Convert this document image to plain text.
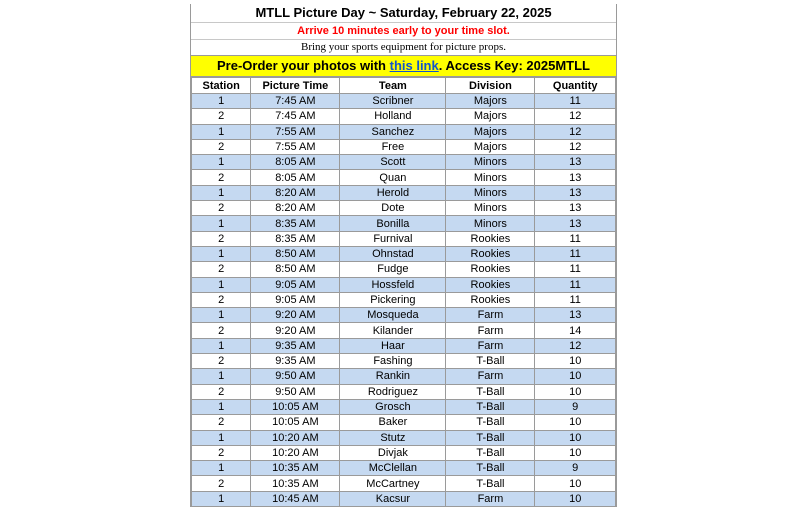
MTLL Picture Day ~ Saturday, February 22, 2025
Arrive 10 minutes early to your time slot.
Bring your sports equipment for picture props.
Pre-Order your photos with this link. Access Key: 2025MTLL
Station	Picture Time	Team	Division	Quantity
1	7:45 AM	Scribner	Majors	11
2	7:45 AM	Holland	Majors	12
1	7:55 AM	Sanchez	Majors	12
2	7:55 AM	Free	Majors	12
1	8:05 AM	Scott	Minors	13
2	8:05 AM	Quan	Minors	13
1	8:20 AM	Herold	Minors	13
2	8:20 AM	Dote	Minors	13
1	8:35 AM	Bonilla	Minors	13
2	8:35 AM	Furnival	Rookies	11
1	8:50 AM	Ohnstad	Rookies	11
2	8:50 AM	Fudge	Rookies	11
1	9:05 AM	Hossfeld	Rookies	11
2	9:05 AM	Pickering	Rookies	11
1	9:20 AM	Mosqueda	Farm	13
2	9:20 AM	Kilander	Farm	14
1	9:35 AM	Haar	Farm	12
2	9:35 AM	Fashing	T-Ball	10
1	9:50 AM	Rankin	Farm	10
2	9:50 AM	Rodriguez	T-Ball	10
1	10:05 AM	Grosch	T-Ball	9
2	10:05 AM	Baker	T-Ball	10
1	10:20 AM	Stutz	T-Ball	10
2	10:20 AM	Divjak	T-Ball	10
1	10:35 AM	McClellan	T-Ball	9
2	10:35 AM	McCartney	T-Ball	10
1	10:45 AM	Kacsur	Farm	10
